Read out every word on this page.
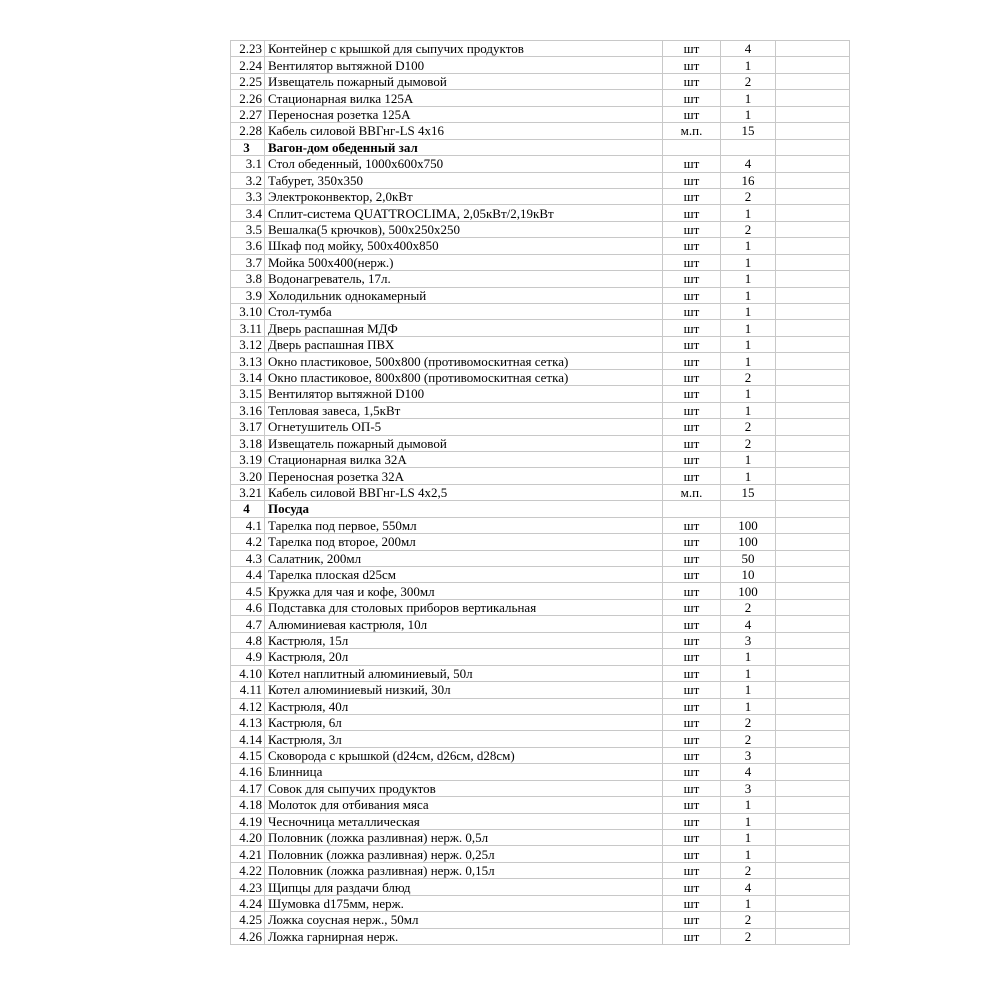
2.23	Контейнер с крышкой для сыпучих продуктов	шт	4	
2.24	Вентилятор вытяжной D100	шт	1	
2.25	Извещатель пожарный дымовой	шт	2	
2.26	Стационарная вилка 125А	шт	1	
2.27	Переносная розетка 125А	шт	1	
2.28	Кабель силовой ВВГнг-LS 4х16	м.п.	15	
3	Вагон-дом обеденный зал			
3.1	Стол обеденный, 1000х600х750	шт	4	
3.2	Табурет, 350х350	шт	16	
3.3	Электроконвектор, 2,0кВт	шт	2	
3.4	Сплит-система QUATTROCLIMA, 2,05кВт/2,19кВт	шт	1	
3.5	Вешалка(5 крючков), 500х250х250	шт	2	
3.6	Шкаф под мойку, 500х400х850	шт	1	
3.7	Мойка 500х400(нерж.)	шт	1	
3.8	Водонагреватель, 17л.	шт	1	
3.9	Холодильник однокамерный	шт	1	
3.10	Стол-тумба	шт	1	
3.11	Дверь распашная МДФ	шт	1	
3.12	Дверь распашная ПВХ	шт	1	
3.13	Окно пластиковое, 500х800 (противомоскитная сетка)	шт	1	
3.14	Окно пластиковое, 800х800 (противомоскитная сетка)	шт	2	
3.15	Вентилятор вытяжной D100	шт	1	
3.16	Тепловая завеса, 1,5кВт	шт	1	
3.17	Огнетушитель ОП-5	шт	2	
3.18	Извещатель пожарный дымовой	шт	2	
3.19	Стационарная вилка 32А	шт	1	
3.20	Переносная розетка 32А	шт	1	
3.21	Кабель силовой ВВГнг-LS 4х2,5	м.п.	15	
4	Посуда			
4.1	Тарелка под первое, 550мл	шт	100	
4.2	Тарелка под второе, 200мл	шт	100	
4.3	Салатник, 200мл	шт	50	
4.4	Тарелка плоская d25см	шт	10	
4.5	Кружка для чая и кофе, 300мл	шт	100	
4.6	Подставка для столовых приборов вертикальная	шт	2	
4.7	Алюминиевая кастрюля, 10л	шт	4	
4.8	Кастрюля, 15л	шт	3	
4.9	Кастрюля, 20л	шт	1	
4.10	Котел наплитный алюминиевый, 50л	шт	1	
4.11	Котел алюминиевый низкий, 30л	шт	1	
4.12	Кастрюля, 40л	шт	1	
4.13	Кастрюля, 6л	шт	2	
4.14	Кастрюля, 3л	шт	2	
4.15	Сковорода с крышкой (d24см, d26см, d28см)	шт	3	
4.16	Блинница	шт	4	
4.17	Совок для сыпучих продуктов	шт	3	
4.18	Молоток для отбивания мяса	шт	1	
4.19	Чесночница металлическая	шт	1	
4.20	Половник (ложка разливная) нерж. 0,5л	шт	1	
4.21	Половник (ложка разливная) нерж. 0,25л	шт	1	
4.22	Половник (ложка разливная) нерж. 0,15л	шт	2	
4.23	Щипцы для раздачи блюд	шт	4	
4.24	Шумовка d175мм, нерж.	шт	1	
4.25	Ложка соусная нерж., 50мл	шт	2	
4.26	Ложка гарнирная нерж.	шт	2	
